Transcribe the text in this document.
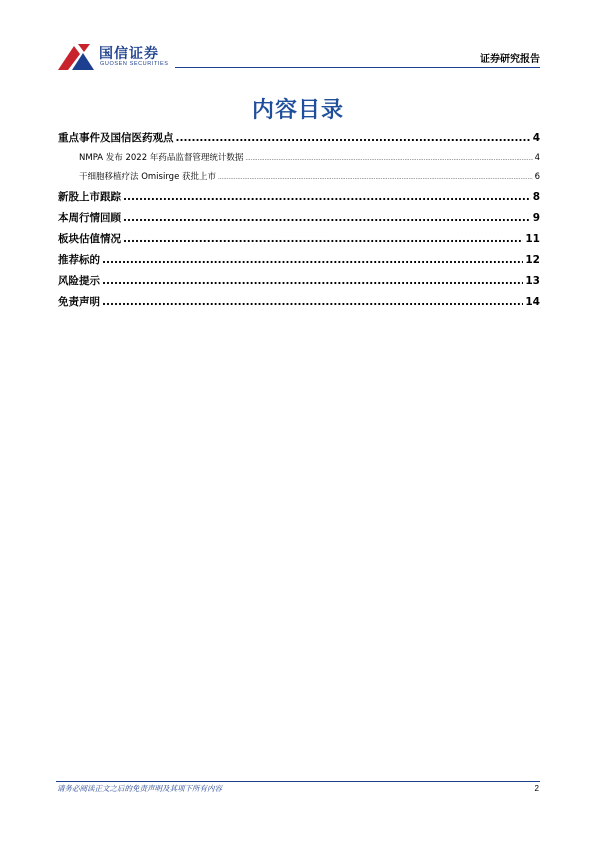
国信证券
GUOSEN SECURITIES	证券研究报告
内容目录
重点事件及国信医药观点 .....	4
NMPA 发布 2022 年药品监督管理统计数据 .....	4
干细胞移植疗法 Omisirge 获批上市 .....	6
新股上市跟踪 .....	8
本周行情回顾 .....	9
板块估值情况 .....	11
推荐标的 .....	12
风险提示 .....	13
免责声明 .....	14
请务必阅读正文之后的免责声明及其项下所有内容	2
